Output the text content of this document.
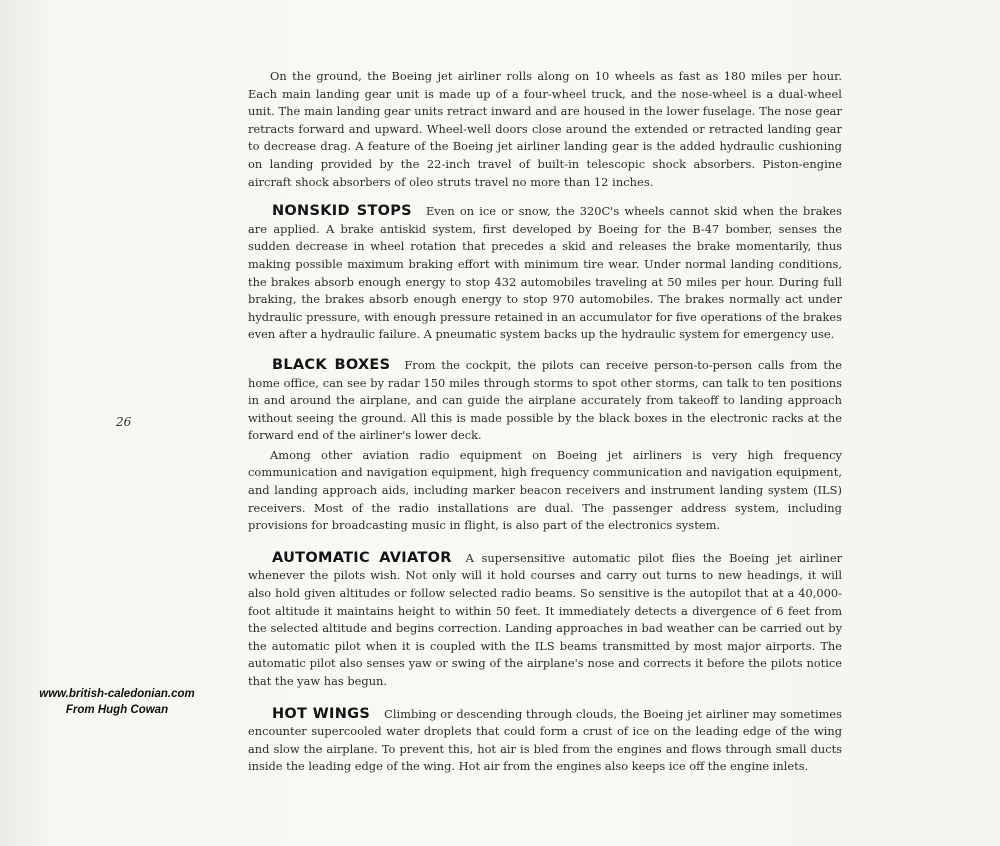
On the ground, the Boeing jet airliner rolls along on 10 wheels as fast as 180 miles per hour. Each main landing gear unit is made up of a four-wheel truck, and the nose-wheel is a dual-wheel unit. The main landing gear units retract inward and are housed in the lower fuselage. The nose gear retracts forward and upward. Wheel-well doors close around the extended or retracted landing gear to decrease drag. A feature of the Boeing jet airliner landing gear is the added hydraulic cushioning on landing provided by the 22-inch travel of built-in telescopic shock absorbers. Piston-engine aircraft shock absorbers of oleo struts travel no more than 12 inches.

NONSKID STOPS Even on ice or snow, the 320C's wheels cannot skid when the brakes are applied. A brake antiskid system, first developed by Boeing for the B-47 bomber, senses the sudden decrease in wheel rotation that precedes a skid and releases the brake momentarily, thus making possible maximum braking effort with minimum tire wear. Under normal landing conditions, the brakes absorb enough energy to stop 432 automobiles traveling at 50 miles per hour. During full braking, the brakes absorb enough energy to stop 970 automobiles. The brakes normally act under hydraulic pressure, with enough pressure retained in an accumulator for five operations of the brakes even after a hydraulic failure. A pneumatic system backs up the hydraulic system for emergency use.

BLACK BOXES From the cockpit, the pilots can receive person-to-person calls from the home office, can see by radar 150 miles through storms to spot other storms, can talk to ten positions in and around the airplane, and can guide the airplane accurately from takeoff to landing approach without seeing the ground. All this is made possible by the black boxes in the electronic racks at the forward end of the airliner's lower deck.

Among other aviation radio equipment on Boeing jet airliners is very high frequency communication and navigation equipment, high frequency communication and navigation equipment, and landing approach aids, including marker beacon receivers and instrument landing system (ILS) receivers. Most of the radio installations are dual. The passenger address system, including provisions for broadcasting music in flight, is also part of the electronics system.

AUTOMATIC AVIATOR A supersensitive automatic pilot flies the Boeing jet airliner whenever the pilots wish. Not only will it hold courses and carry out turns to new headings, it will also hold given altitudes or follow selected radio beams. So sensitive is the autopilot that at a 40,000-foot altitude it maintains height to within 50 feet. It immediately detects a divergence of 6 feet from the selected altitude and begins correction. Landing approaches in bad weather can be carried out by the automatic pilot when it is coupled with the ILS beams transmitted by most major airports. The automatic pilot also senses yaw or swing of the airplane's nose and corrects it before the pilots notice that the yaw has begun.

HOT WINGS Climbing or descending through clouds, the Boeing jet airliner may sometimes encounter supercooled water droplets that could form a crust of ice on the leading edge of the wing and slow the airplane. To prevent this, hot air is bled from the engines and flows through small ducts inside the leading edge of the wing. Hot air from the engines also keeps ice off the engine inlets.

26
www.british-caledonian.com
From Hugh Cowan
